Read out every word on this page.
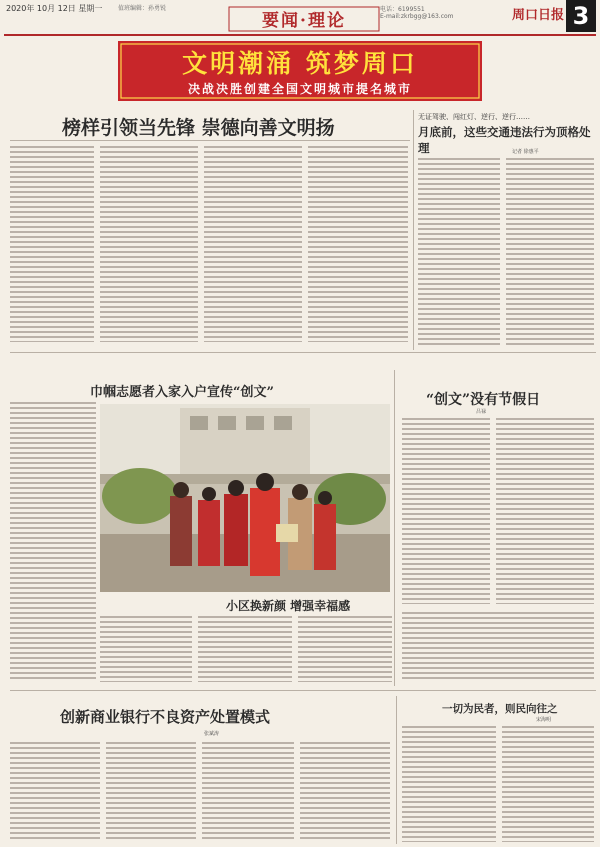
2020年 10月 12日 星期一	值班编辑：孙勇锐
要闻·理论
电话：6199551
E-mail:zkrbgg@163.com	周口日报 3
文明潮涌 筑梦周口
决战决胜创建全国文明城市提名城市
榜样引领当先锋 崇德向善文明扬	无证驾驶、闯红灯、逆行、逆行……
月底前，这些交通违法行为顶格处理	记者 徐惠平
巾帼志愿者入家入户宣传“创文”	“创文”没有节假日
吕禄
小区换新颜 增强幸福感
创新商业银行不良资产处置模式
张斌涛
一切为民者，则民向往之
宋海明
